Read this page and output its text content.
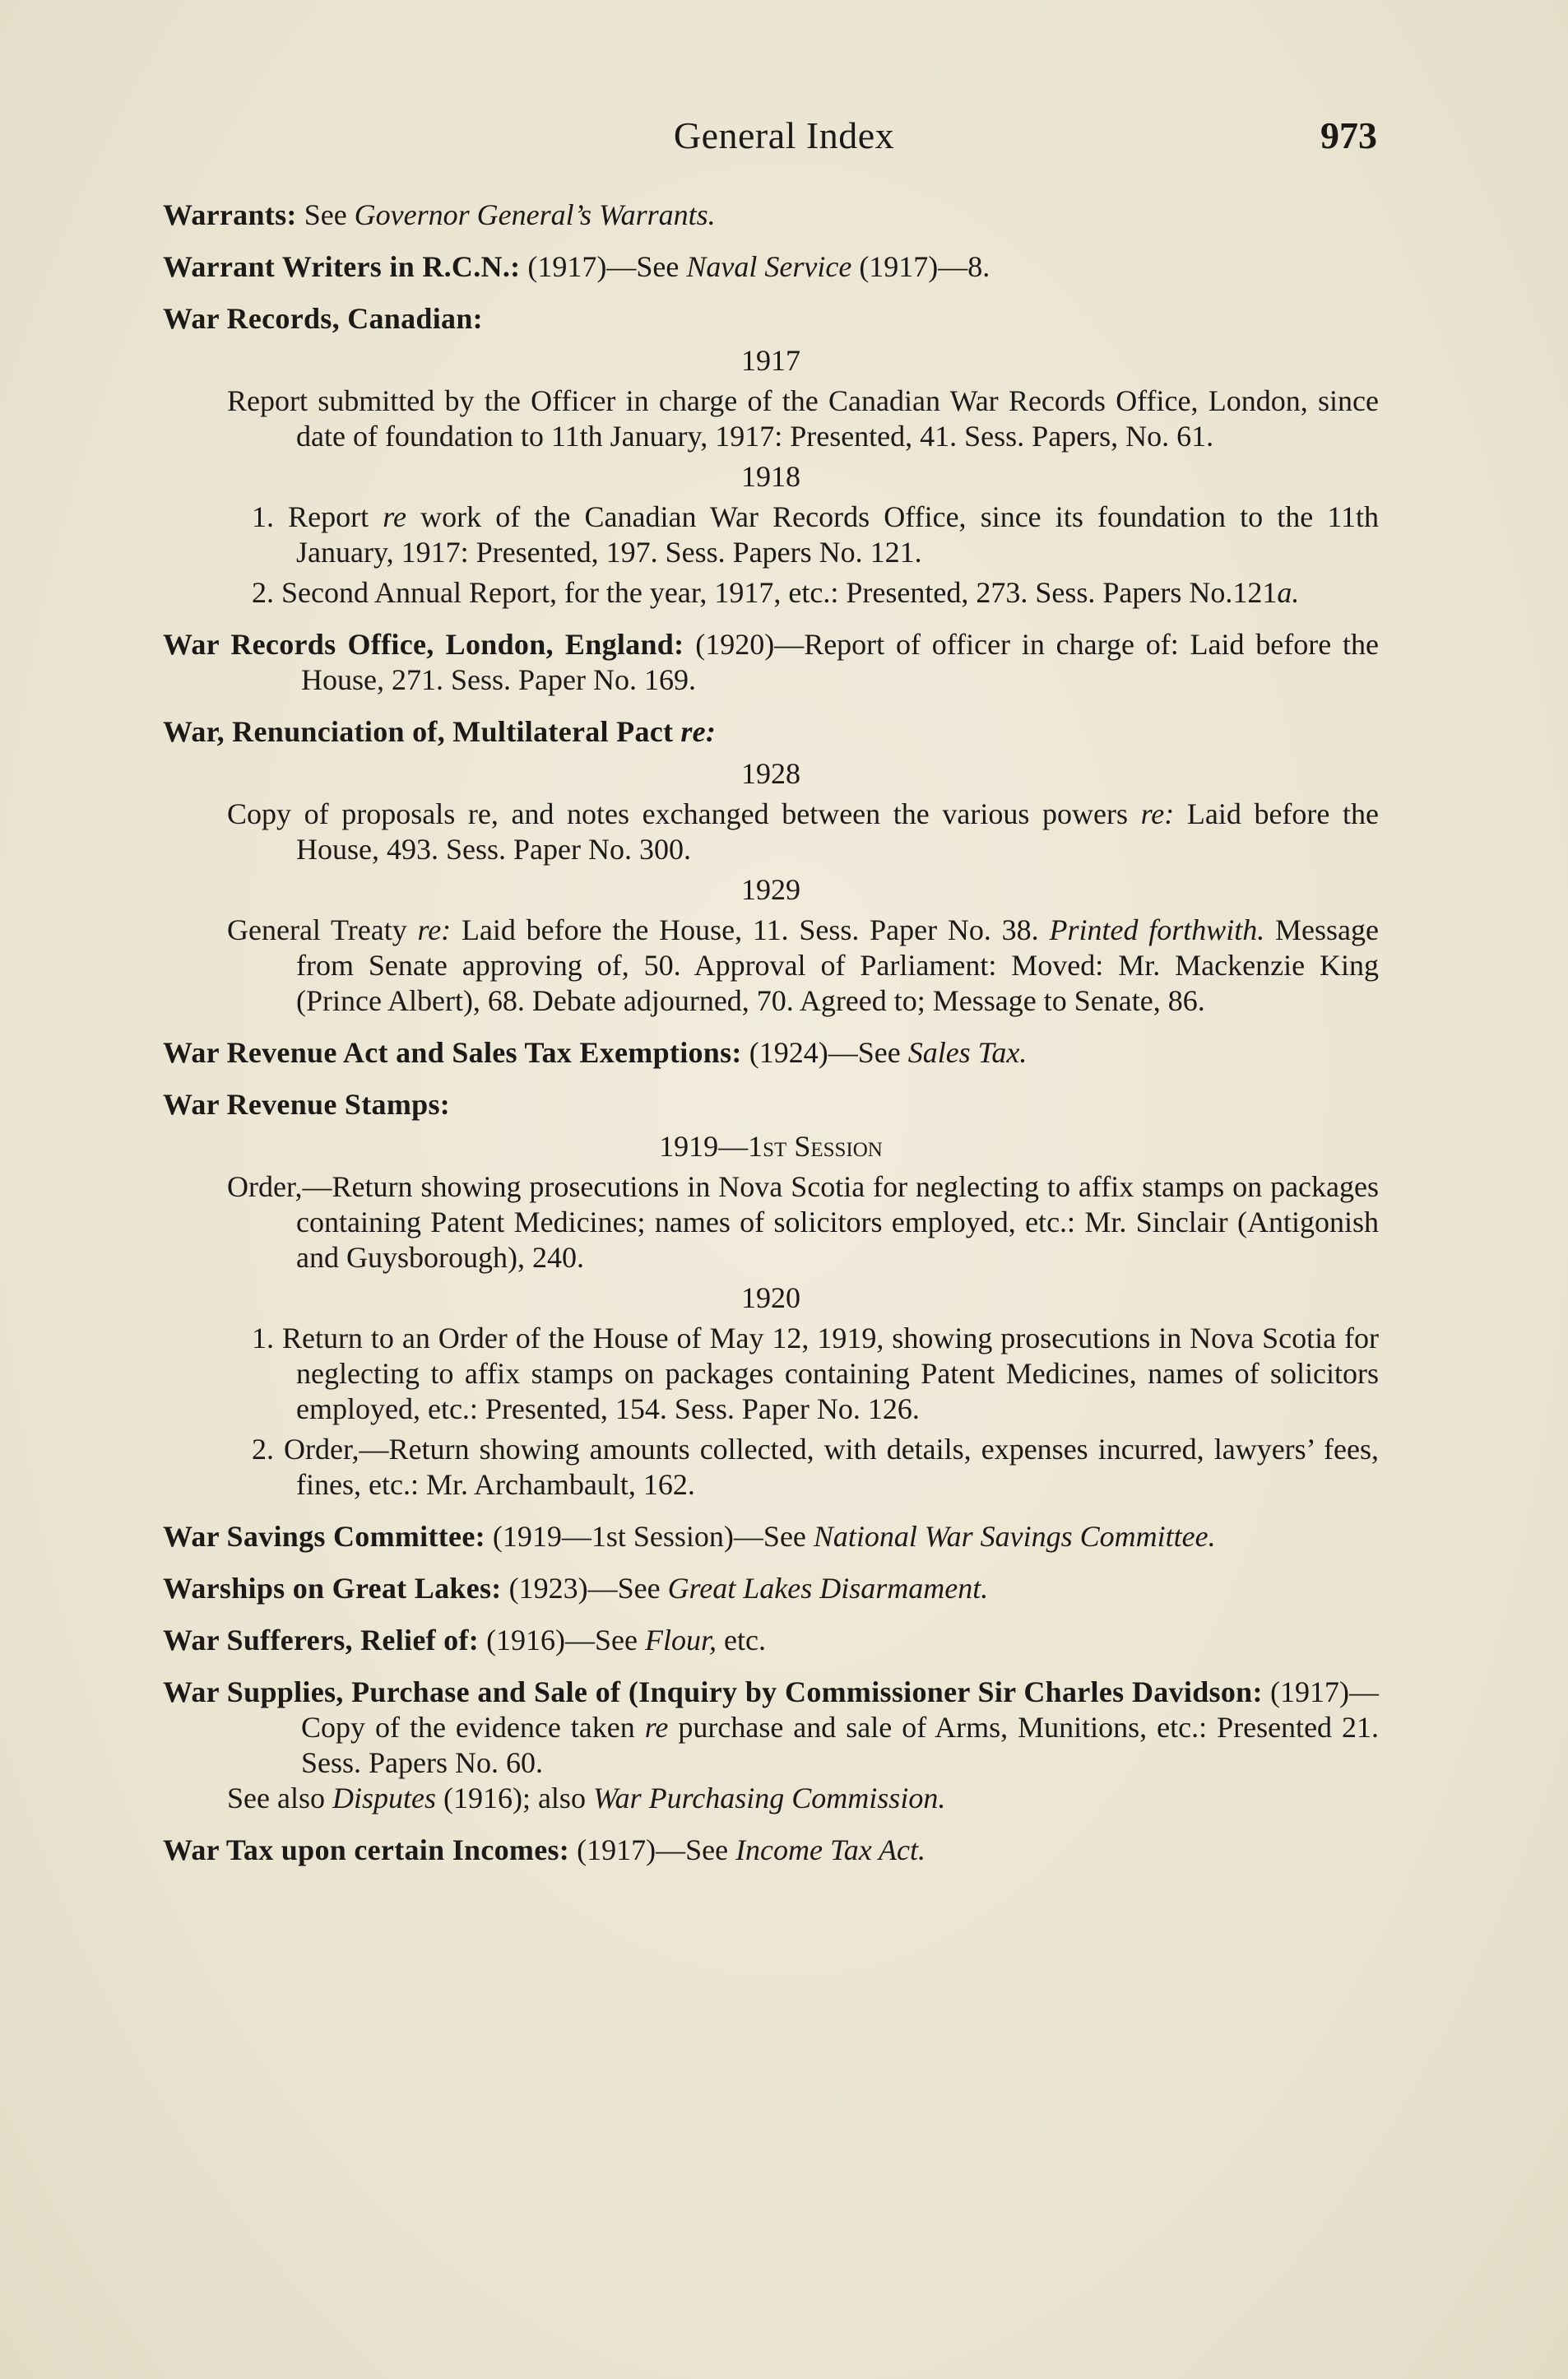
General Index	973
Warrants: See Governor General’s Warrants.
Warrant Writers in R.C.N.: (1917)—See Naval Service (1917)—8.
War Records, Canadian:
1917
Report submitted by the Officer in charge of the Canadian War Records Office, London, since date of foundation to 11th January, 1917: Presented, 41. Sess. Papers, No. 61.
1918
1. Report re work of the Canadian War Records Office, since its foundation to the 11th January, 1917: Presented, 197. Sess. Papers No. 121.
2. Second Annual Report, for the year, 1917, etc.: Presented, 273. Sess. Papers No.121a.
War Records Office, London, England: (1920)—Report of officer in charge of: Laid before the House, 271. Sess. Paper No. 169.
War, Renunciation of, Multilateral Pact re:
1928
Copy of proposals re, and notes exchanged between the various powers re: Laid before the House, 493. Sess. Paper No. 300.
1929
General Treaty re: Laid before the House, 11. Sess. Paper No. 38. Printed forthwith. Message from Senate approving of, 50. Approval of Parliament: Moved: Mr. Mackenzie King (Prince Albert), 68. Debate adjourned, 70. Agreed to; Message to Senate, 86.
War Revenue Act and Sales Tax Exemptions: (1924)—See Sales Tax.
War Revenue Stamps:
1919—1st Session
Order,—Return showing prosecutions in Nova Scotia for neglecting to affix stamps on packages containing Patent Medicines; names of solicitors employed, etc.: Mr. Sinclair (Antigonish and Guysborough), 240.
1920
1. Return to an Order of the House of May 12, 1919, showing prosecutions in Nova Scotia for neglecting to affix stamps on packages containing Patent Medicines, names of solicitors employed, etc.: Presented, 154. Sess. Paper No. 126.
2. Order,—Return showing amounts collected, with details, expenses incurred, lawyers’ fees, fines, etc.: Mr. Archambault, 162.
War Savings Committee: (1919—1st Session)—See National War Savings Committee.
Warships on Great Lakes: (1923)—See Great Lakes Disarmament.
War Sufferers, Relief of: (1916)—See Flour, etc.
War Supplies, Purchase and Sale of (Inquiry by Commissioner Sir Charles Davidson: (1917)—Copy of the evidence taken re purchase and sale of Arms, Munitions, etc.: Presented 21. Sess. Papers No. 60.
See also Disputes (1916); also War Purchasing Commission.
War Tax upon certain Incomes: (1917)—See Income Tax Act.
